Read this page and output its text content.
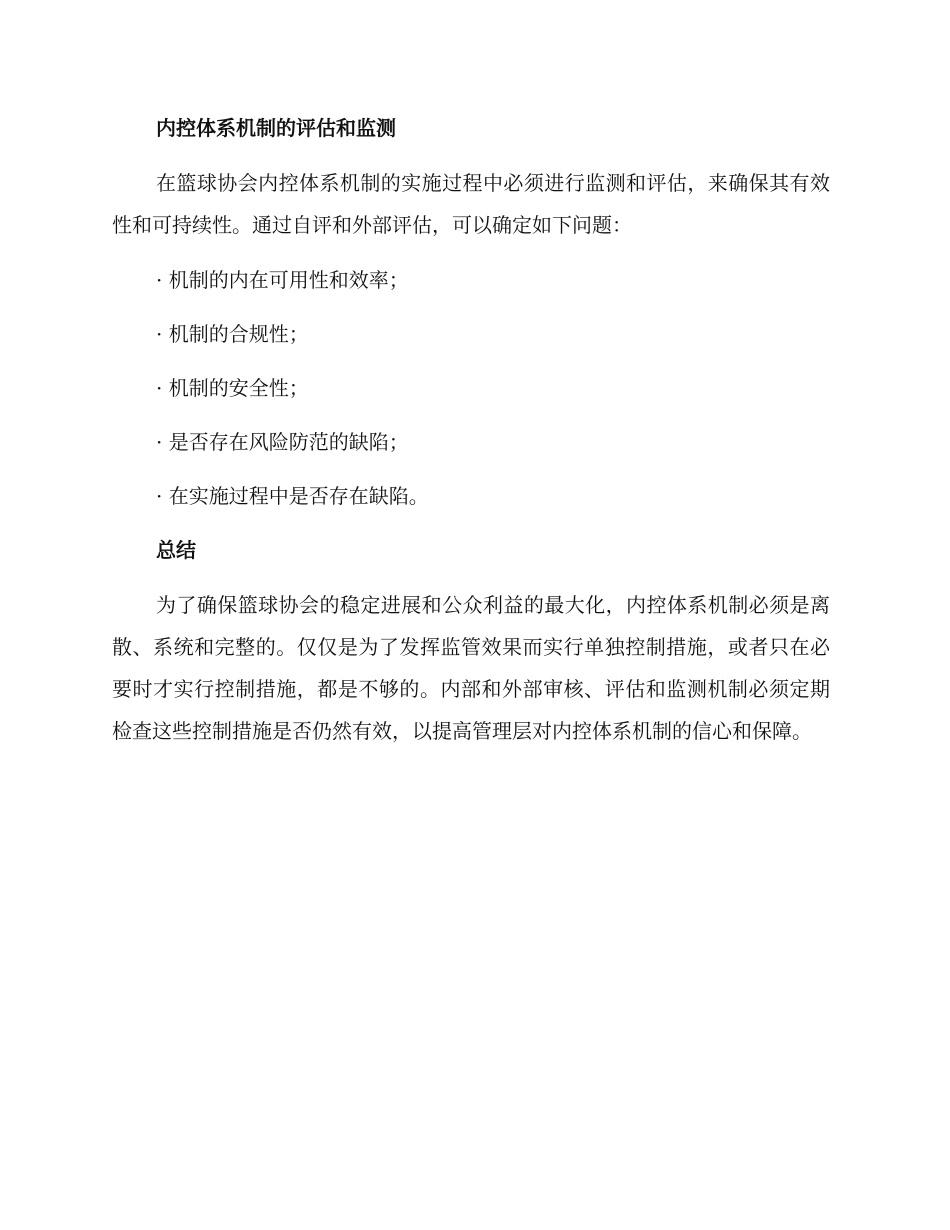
内控体系机制的评估和监测

在篮球协会内控体系机制的实施过程中必须进行监测和评估，来确保其有效性和可持续性。通过自评和外部评估，可以确定如下问题：

· 机制的内在可用性和效率；

· 机制的合规性；

· 机制的安全性；

· 是否存在风险防范的缺陷；

· 在实施过程中是否存在缺陷。

总结

为了确保篮球协会的稳定进展和公众利益的最大化，内控体系机制必须是离散、系统和完整的。仅仅是为了发挥监管效果而实行单独控制措施，或者只在必要时才实行控制措施，都是不够的。内部和外部审核、评估和监测机制必须定期检查这些控制措施是否仍然有效，以提高管理层对内控体系机制的信心和保障。
